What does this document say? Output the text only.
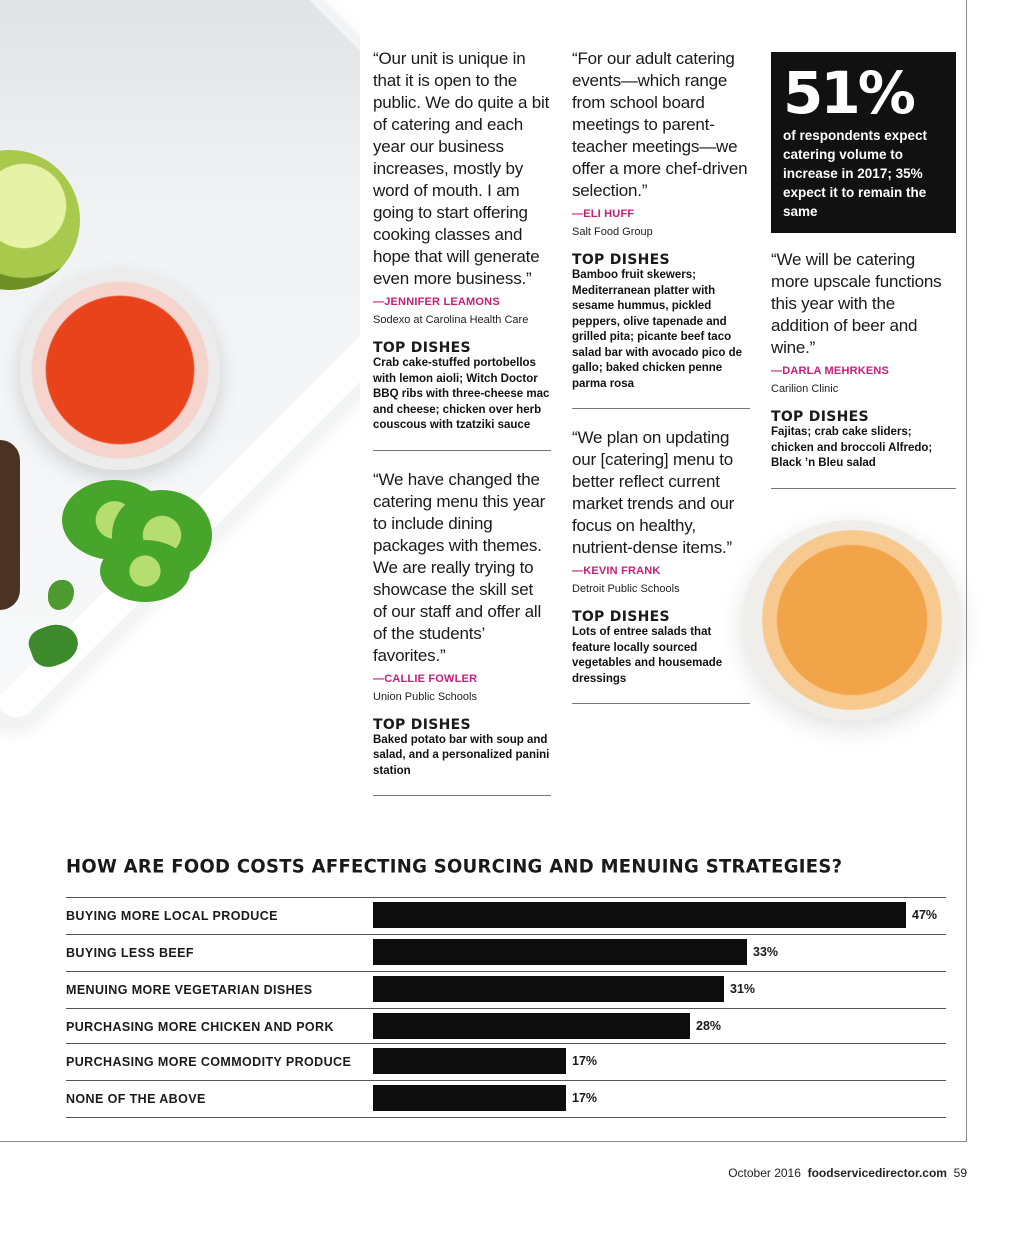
“Our unit is unique in that it is open to the public. We do quite a bit of catering and each year our business increases, mostly by word of mouth. I am going to start offering cooking classes and hope that will generate even more business.”

—JENNIFER LEAMONS
Sodexo at Carolina Health Care
TOP DISHES
Crab cake-stuffed portobellos with lemon aioli; Witch Doctor BBQ ribs with three-cheese mac and cheese; chicken over herb couscous with tzatziki sauce

“We have changed the catering menu this year to include dining packages with themes. We are really trying to showcase the skill set of our staff and offer all of the students’ favorites.”

—CALLIE FOWLER
Union Public Schools
TOP DISHES
Baked potato bar with soup and salad, and a personalized panini station

“For our adult catering events—which range from school board meetings to parent-teacher meetings—we offer a more chef-driven selection.”

—ELI HUFF
Salt Food Group
TOP DISHES
Bamboo fruit skewers; Mediterranean platter with sesame hummus, pickled peppers, olive tapenade and grilled pita; picante beef taco salad bar with avocado pico de gallo; baked chicken penne parma rosa

“We plan on updating our [catering] menu to better reflect current market trends and our focus on healthy, nutrient-dense items.”

—KEVIN FRANK
Detroit Public Schools
TOP DISHES
Lots of entree salads that feature locally sourced vegetables and housemade dressings
51%
of respondents expect catering volume to increase in 2017; 35% expect it to remain the same

“We will be catering more upscale functions this year with the addition of beer and wine.”

—DARLA MEHRKENS
Carilion Clinic
TOP DISHES
Fajitas; crab cake sliders; chicken and broccoli Alfredo; Black ’n Bleu salad
HOW ARE FOOD COSTS AFFECTING SOURCING AND MENUING STRATEGIES?
BUYING MORE LOCAL PRODUCE	47%
BUYING LESS BEEF	33%
MENUING MORE VEGETARIAN DISHES	31%
PURCHASING MORE CHICKEN AND PORK	28%
PURCHASING MORE COMMODITY PRODUCE	17%
NONE OF THE ABOVE	17%
October 2016 foodservicedirector.com 59
